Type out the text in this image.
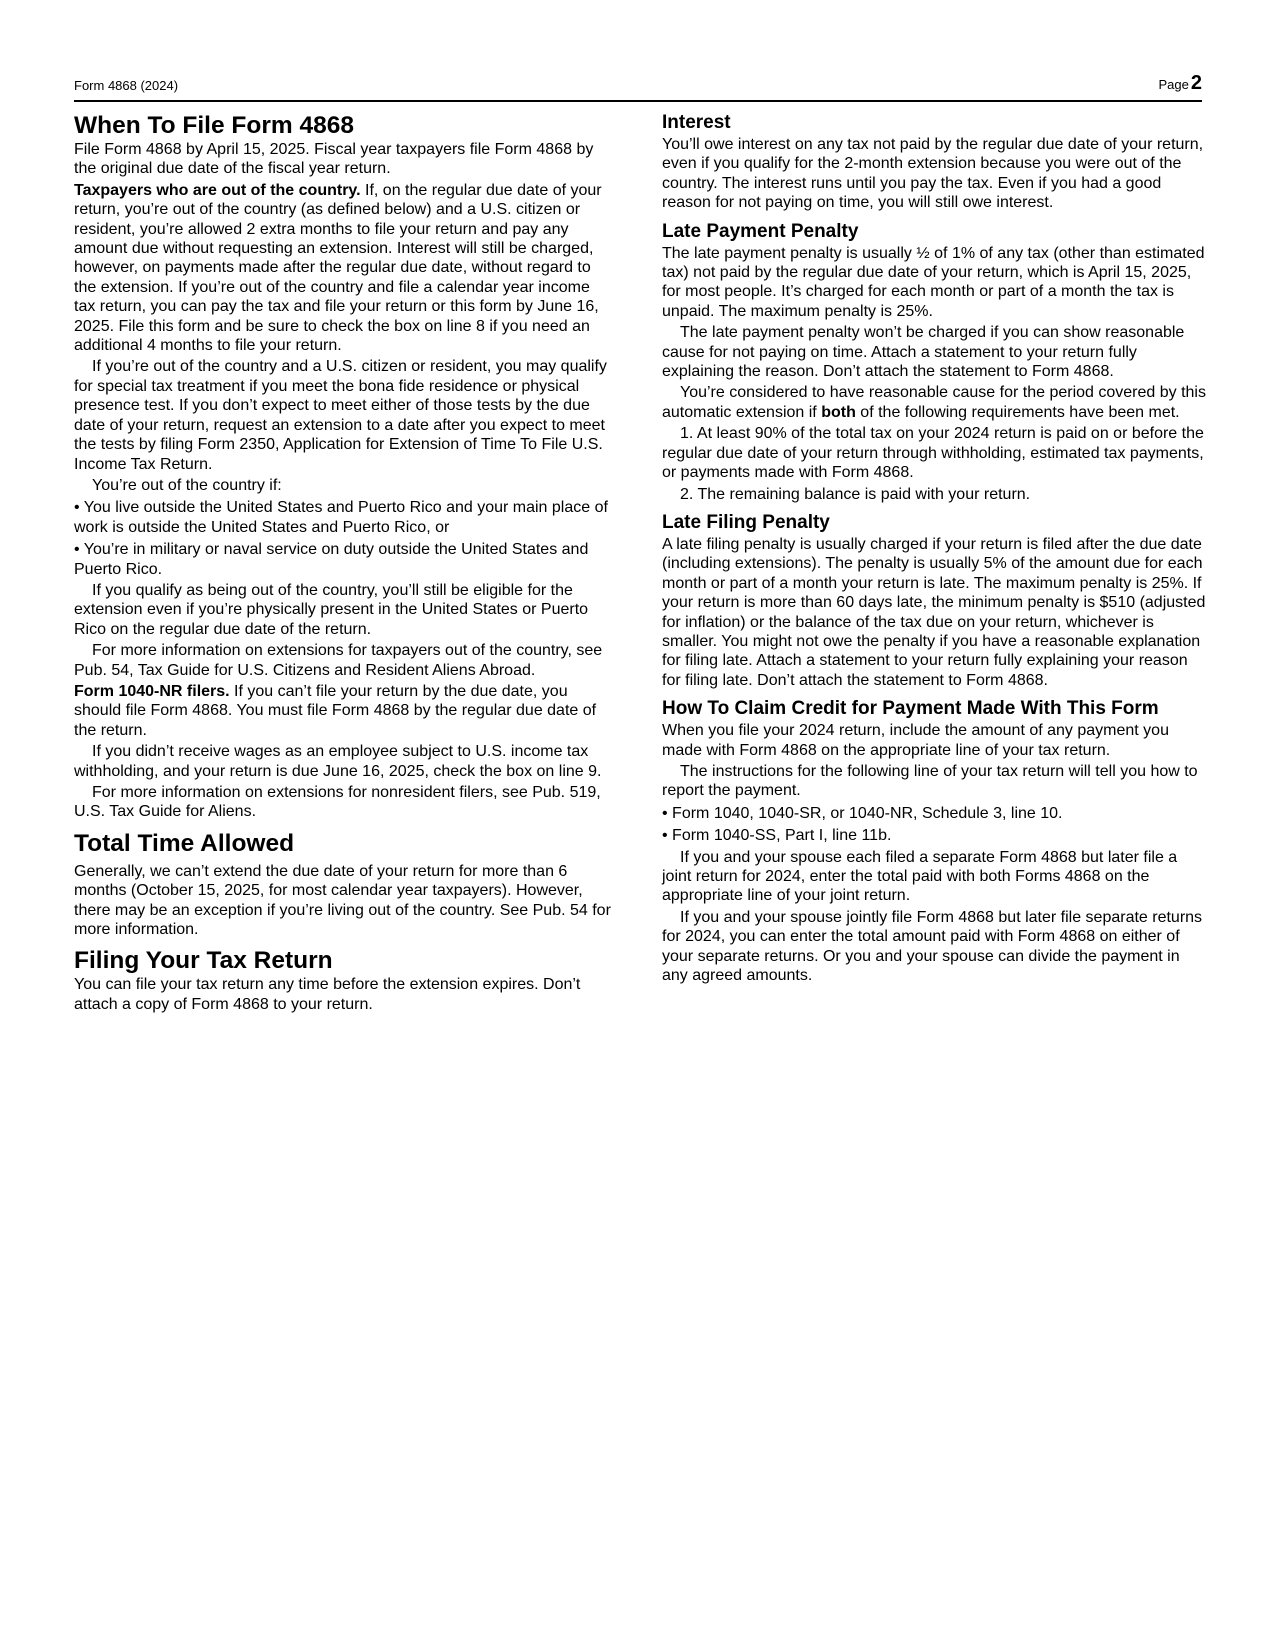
Form 4868 (2024)	Page 2
When To File Form 4868

File Form 4868 by April 15, 2025. Fiscal year taxpayers file Form 4868 by the original due date of the fiscal year return.

Taxpayers who are out of the country. If, on the regular due date of your return, you’re out of the country (as defined below) and a U.S. citizen or resident, you’re allowed 2 extra months to file your return and pay any amount due without requesting an extension. Interest will still be charged, however, on payments made after the regular due date, without regard to the extension. If you’re out of the country and file a calendar year income tax return, you can pay the tax and file your return or this form by June 16, 2025. File this form and be sure to check the box on line 8 if you need an additional 4 months to file your return.

If you’re out of the country and a U.S. citizen or resident, you may qualify for special tax treatment if you meet the bona fide residence or physical presence test. If you don’t expect to meet either of those tests by the due date of your return, request an extension to a date after you expect to meet the tests by filing Form 2350, Application for Extension of Time To File U.S. Income Tax Return.

You’re out of the country if:

• You live outside the United States and Puerto Rico and your main place of work is outside the United States and Puerto Rico, or

• You’re in military or naval service on duty outside the United States and Puerto Rico.

If you qualify as being out of the country, you’ll still be eligible for the extension even if you’re physically present in the United States or Puerto Rico on the regular due date of the return.

For more information on extensions for taxpayers out of the country, see Pub. 54, Tax Guide for U.S. Citizens and Resident Aliens Abroad.

Form 1040-NR filers. If you can’t file your return by the due date, you should file Form 4868. You must file Form 4868 by the regular due date of the return.

If you didn’t receive wages as an employee subject to U.S. income tax withholding, and your return is due June 16, 2025, check the box on line 9.

For more information on extensions for nonresident filers, see Pub. 519, U.S. Tax Guide for Aliens.

Total Time Allowed

Generally, we can’t extend the due date of your return for more than 6 months (October 15, 2025, for most calendar year taxpayers). However, there may be an exception if you’re living out of the country. See Pub. 54 for more information.

Filing Your Tax Return

You can file your tax return any time before the extension expires. Don’t attach a copy of Form 4868 to your return.

Interest

You’ll owe interest on any tax not paid by the regular due date of your return, even if you qualify for the 2-month extension because you were out of the country. The interest runs until you pay the tax. Even if you had a good reason for not paying on time, you will still owe interest.

Late Payment Penalty

The late payment penalty is usually ½ of 1% of any tax (other than estimated tax) not paid by the regular due date of your return, which is April 15, 2025, for most people. It’s charged for each month or part of a month the tax is unpaid. The maximum penalty is 25%.

The late payment penalty won’t be charged if you can show reasonable cause for not paying on time. Attach a statement to your return fully explaining the reason. Don’t attach the statement to Form 4868.

You’re considered to have reasonable cause for the period covered by this automatic extension if both of the following requirements have been met.

1. At least 90% of the total tax on your 2024 return is paid on or before the regular due date of your return through withholding, estimated tax payments, or payments made with Form 4868.

2. The remaining balance is paid with your return.

Late Filing Penalty

A late filing penalty is usually charged if your return is filed after the due date (including extensions). The penalty is usually 5% of the amount due for each month or part of a month your return is late. The maximum penalty is 25%. If your return is more than 60 days late, the minimum penalty is $510 (adjusted for inflation) or the balance of the tax due on your return, whichever is smaller. You might not owe the penalty if you have a reasonable explanation for filing late. Attach a statement to your return fully explaining your reason for filing late. Don’t attach the statement to Form 4868.

How To Claim Credit for Payment Made With This Form

When you file your 2024 return, include the amount of any payment you made with Form 4868 on the appropriate line of your tax return.

The instructions for the following line of your tax return will tell you how to report the payment.

• Form 1040, 1040-SR, or 1040-NR, Schedule 3, line 10.

• Form 1040-SS, Part I, line 11b.

If you and your spouse each filed a separate Form 4868 but later file a joint return for 2024, enter the total paid with both Forms 4868 on the appropriate line of your joint return.

If you and your spouse jointly file Form 4868 but later file separate returns for 2024, you can enter the total amount paid with Form 4868 on either of your separate returns. Or you and your spouse can divide the payment in any agreed amounts.
